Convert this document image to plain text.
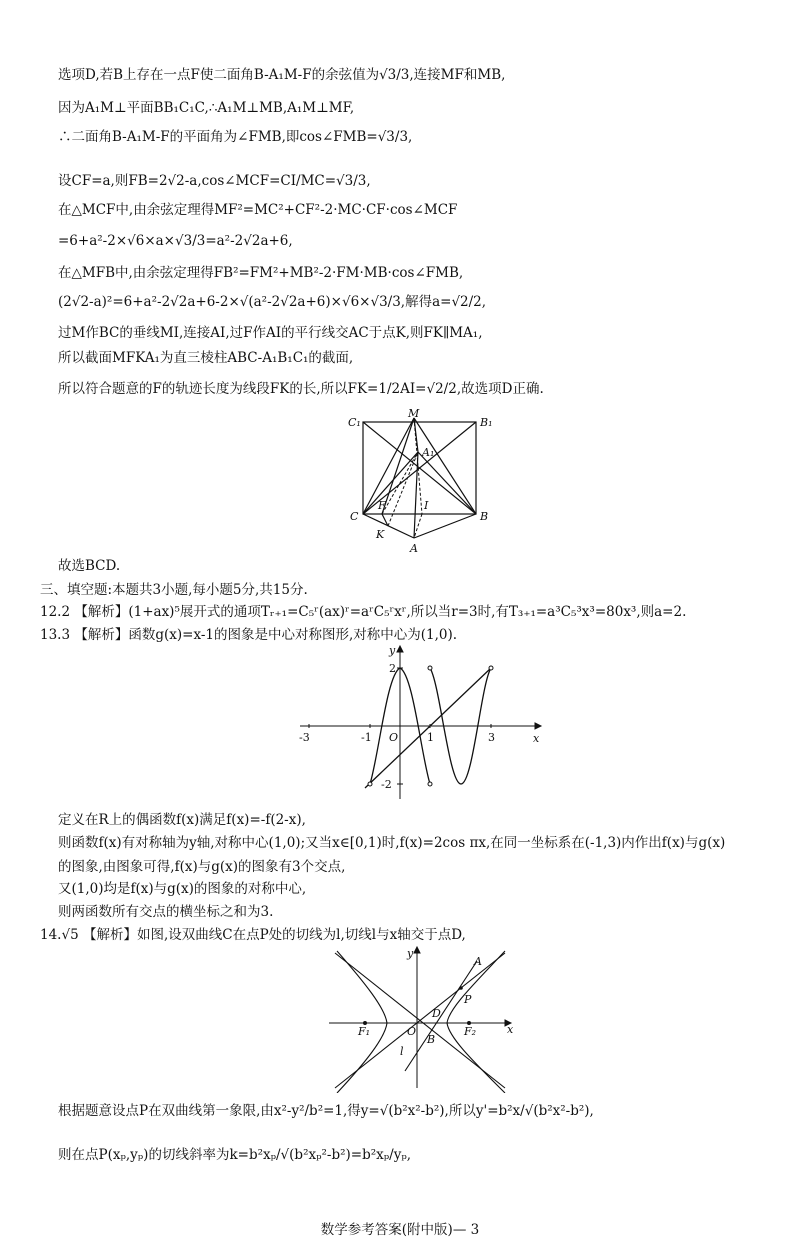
选项D,若B上存在一点F使二面角B-A₁M-F的余弦值为√3/3,连接MF和MB,
因为A₁M⊥平面BB₁C₁C,∴A₁M⊥MB,A₁M⊥MF,
∴二面角B-A₁M-F的平面角为∠FMB,即cos∠FMB=√3/3,
设CF=a,则FB=2√2-a,cos∠MCF=CI/MC=√3/3,
在△MCF中,由余弦定理得MF²=MC²+CF²-2·MC·CF·cos∠MCF
=6+a²-2×√6×a×√3/3=a²-2√2a+6,
在△MFB中,由余弦定理得FB²=FM²+MB²-2·FM·MB·cos∠FMB,
(2√2-a)²=6+a²-2√2a+6-2×√(a²-2√2a+6)×√6×√3/3,解得a=√2/2,
过M作BC的垂线MI,连接AI,过F作AI的平行线交AC于点K,则FK∥MA₁,
所以截面MFKA₁为直三棱柱ABC-A₁B₁C₁的截面,
所以符合题意的F的轨迹长度为线段FK的长,所以FK=1/2AI=√2/2,故选项D正确.
C₁
M
B₁
A₁
C
F	I
B
K
A
故选BCD.
三、填空题:本题共3小题,每小题5分,共15分.
12.2 【解析】(1+ax)⁵展开式的通项Tᵣ₊₁=C₅ʳ(ax)ʳ=aʳC₅ʳxʳ,所以当r=3时,有T₃₊₁=a³C₅³x³=80x³,则a=2.
13.3 【解析】函数g(x)=x-1的图象是中心对称图形,对称中心为(1,0).
y
x
2
-2
-3	-1 O	1	3
定义在R上的偶函数f(x)满足f(x)=-f(2-x),
则函数f(x)有对称轴为y轴,对称中心(1,0);又当x∈[0,1)时,f(x)=2cos πx,在同一坐标系在(-1,3)内作出f(x)与g(x)
的图象,由图象可得,f(x)与g(x)的图象有3个交点,
又(1,0)均是f(x)与g(x)的图象的对称中心,
则两函数所有交点的横坐标之和为3.
14.√5 【解析】如图,设双曲线C在点P处的切线为l,切线l与x轴交于点D,
y
x
A
P
D
F₁	F₂
O
B
l
根据题意设点P在双曲线第一象限,由x²-y²/b²=1,得y=√(b²x²-b²),所以y'=b²x/√(b²x²-b²),
则在点P(xₚ,yₚ)的切线斜率为k=b²xₚ/√(b²xₚ²-b²)=b²xₚ/yₚ,
数学参考答案(附中版)— 3
